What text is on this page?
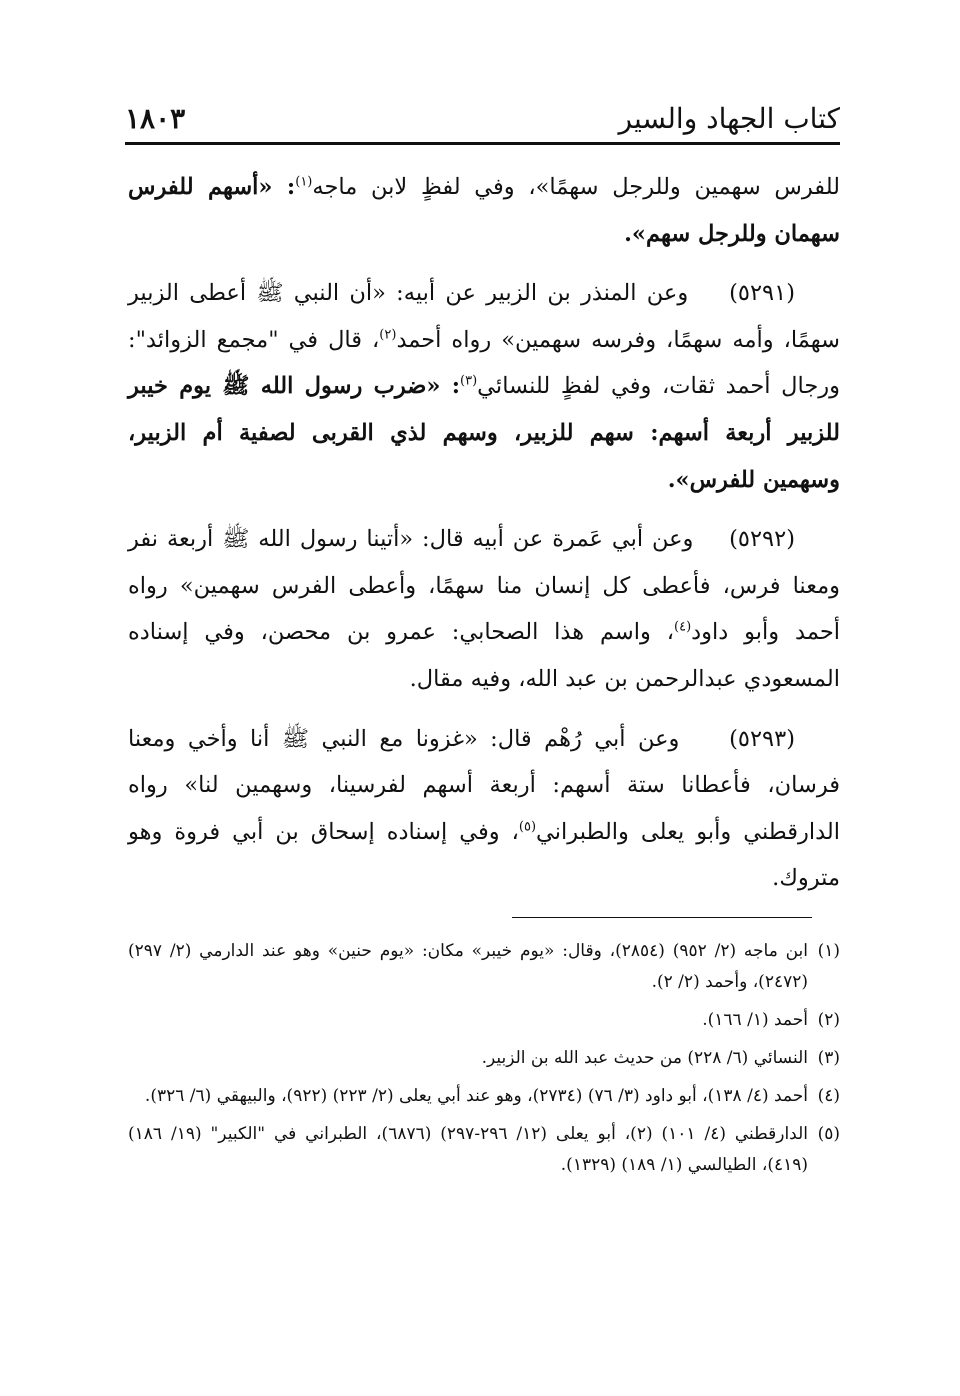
كتاب الجهاد والسير
١٨٠٣

للفرس سهمين وللرجل سهمًا»، وفي لفظٍ لابن ماجه$^{(١)}$: «أسهم للفرس سهمان وللرجل سهم».

(٥٢٩١)    وعن المنذر بن الزبير عن أبيه: «أن النبي ﷺ أعطى الزبير سهمًا، وأمه سهمًا، وفرسه سهمين» رواه أحمد$^{(٢)}$، قال في "مجمع الزوائد": ورجال أحمد ثقات، وفي لفظٍ للنسائي$^{(٣)}$: «ضرب رسول الله ﷺ يوم خيبر للزبير أربعة أسهم: سهم للزبير، وسهم لذي القربى لصفية أم الزبير، وسهمين للفرس».

(٥٢٩٢)    وعن أبي عَمرة عن أبيه قال: «أتينا رسول الله ﷺ أربعة نفر ومعنا فرس، فأعطى كل إنسان منا سهمًا، وأعطى الفرس سهمين» رواه أحمد وأبو داود$^{(٤)}$، واسم هذا الصحابي: عمرو بن محصن، وفي إسناده المسعودي عبدالرحمن بن عبد الله، وفيه مقال.

(٥٢٩٣)    وعن أبي رُهْم قال: «غزونا مع النبي ﷺ أنا وأخي ومعنا فرسان، فأعطانا ستة أسهم: أربعة أسهم لفرسينا، وسهمين لنا» رواه الدارقطني وأبو يعلى والطبراني$^{(٥)}$، وفي إسناده إسحاق بن أبي فروة وهو متروك.

(١)ابن ماجه (٢/ ٩٥٢) (٢٨٥٤)، وقال: «يوم خيبر» مكان: «يوم حنين» وهو عند الدارمي (٢/ ٢٩٧) (٢٤٧٢)، وأحمد (٢/ ٢).

(٢)أحمد (١/ ١٦٦).

(٣)النسائي (٦/ ٢٢٨) من حديث عبد الله بن الزبير.

(٤)أحمد (٤/ ١٣٨)، أبو داود (٣/ ٧٦) (٢٧٣٤)، وهو عند أبي يعلى (٢/ ٢٢٣) (٩٢٢)، والبيهقي (٦/ ٣٢٦).

(٥)الدارقطني (٤/ ١٠١) (٢)، أبو يعلى (١٢/ ٢٩٦-٢٩٧) (٦٨٧٦)، الطبراني في "الكبير" (١٩/ ١٨٦) (٤١٩)، الطيالسي (١/ ١٨٩) (١٣٢٩).
